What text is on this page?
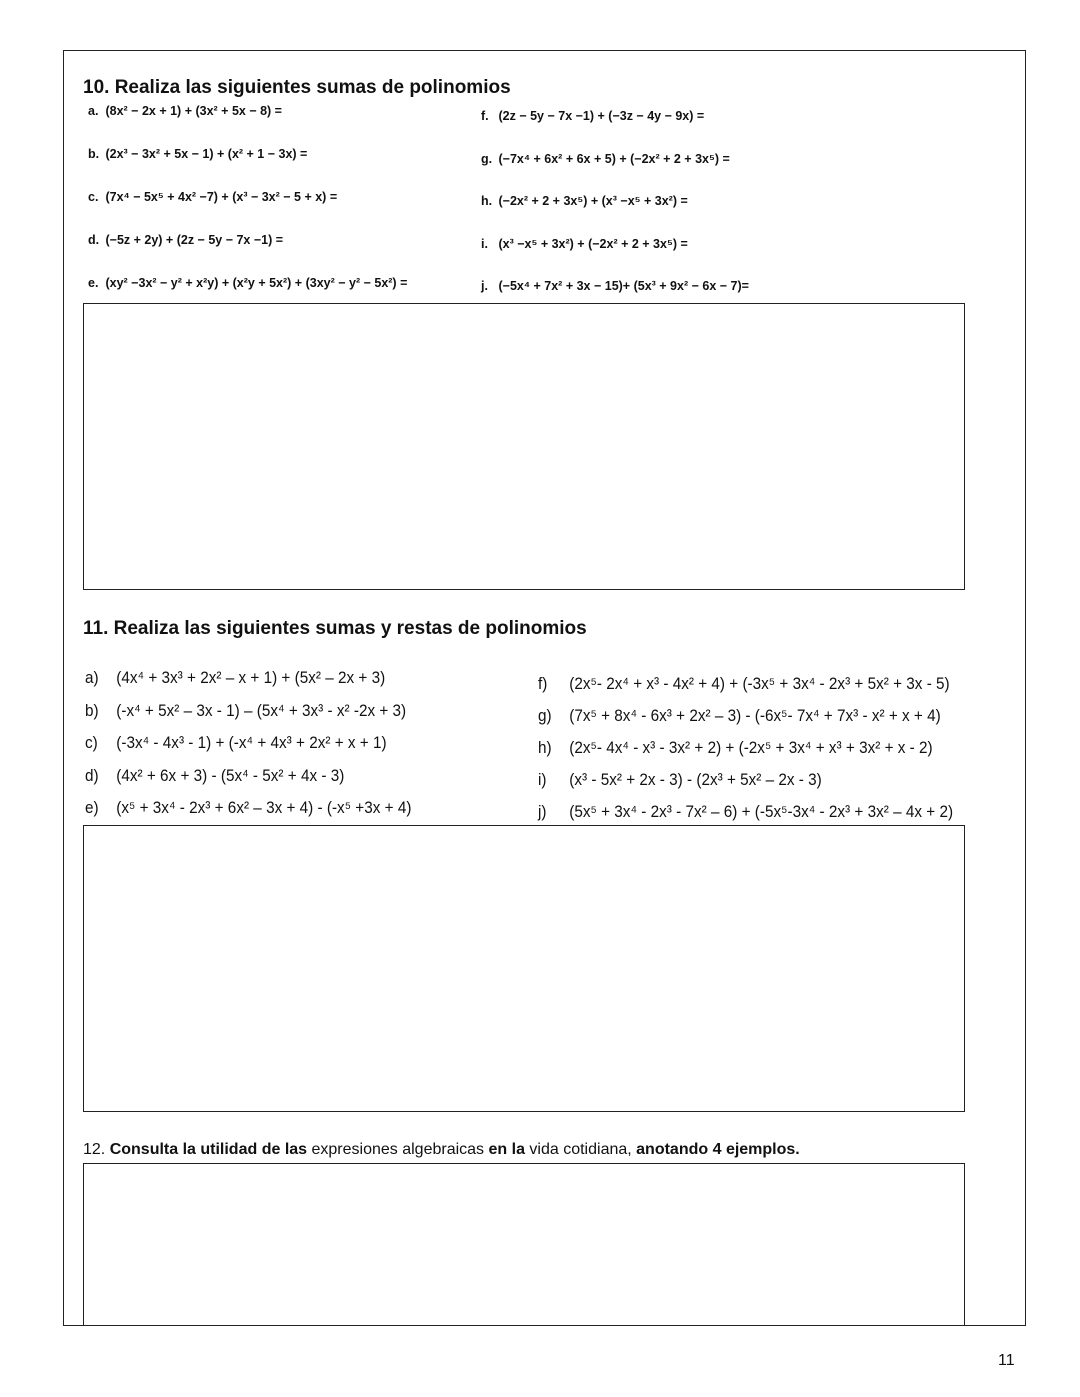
10. Realiza las siguientes sumas de polinomios
a. (8x² − 2x + 1) + (3x² + 5x − 8) =
b. (2x³ − 3x² + 5x − 1) + (x² + 1 − 3x) =
c. (7x⁴ − 5x⁵ + 4x² −7) + (x³ − 3x² − 5 + x) =
d. (−5z + 2y) + (2z − 5y − 7x −1) =
e. (xy² −3x² − y² + x²y) + (x²y + 5x²) + (3xy² − y² − 5x²) =
f. (2z − 5y − 7x −1) + (−3z − 4y − 9x) =
g. (−7x⁴ + 6x² + 6x + 5) + (−2x² + 2 + 3x⁵) =
h. (−2x² + 2 + 3x⁵) + (x³ −x⁵ + 3x²) =
i. (x³ −x⁵ + 3x²) + (−2x² + 2 + 3x⁵) =
j. (−5x⁴ + 7x² + 3x − 15)+ (5x³ + 9x² − 6x − 7)=
11. Realiza las siguientes sumas y restas de polinomios
a) (4x⁴ + 3x³ + 2x² – x + 1) + (5x² – 2x + 3)
b) (-x⁴ + 5x² – 3x - 1) – (5x⁴ + 3x³ - x² -2x + 3)
c) (-3x⁴ - 4x³ - 1) + (-x⁴ + 4x³ + 2x² + x + 1)
d) (4x² + 6x + 3) - (5x⁴ - 5x² + 4x - 3)
e) (x⁵ + 3x⁴ - 2x³ + 6x² – 3x + 4) - (-x⁵ +3x + 4)
f) (2x⁵- 2x⁴ + x³ - 4x² + 4) + (-3x⁵ + 3x⁴ - 2x³ + 5x² + 3x - 5)
g) (7x⁵ + 8x⁴ - 6x³ + 2x² – 3) - (-6x⁵- 7x⁴ + 7x³ - x² + x + 4)
h) (2x⁵- 4x⁴ - x³ - 3x² + 2) + (-2x⁵ + 3x⁴ + x³ + 3x² + x - 2)
i) (x³ - 5x² + 2x - 3) - (2x³ + 5x² – 2x - 3)
j) (5x⁵ + 3x⁴ - 2x³ - 7x² – 6) + (-5x⁵-3x⁴ - 2x³ + 3x² – 4x + 2)
12. Consulta la utilidad de las expresiones algebraicas en la vida cotidiana, anotando 4 ejemplos.
11
